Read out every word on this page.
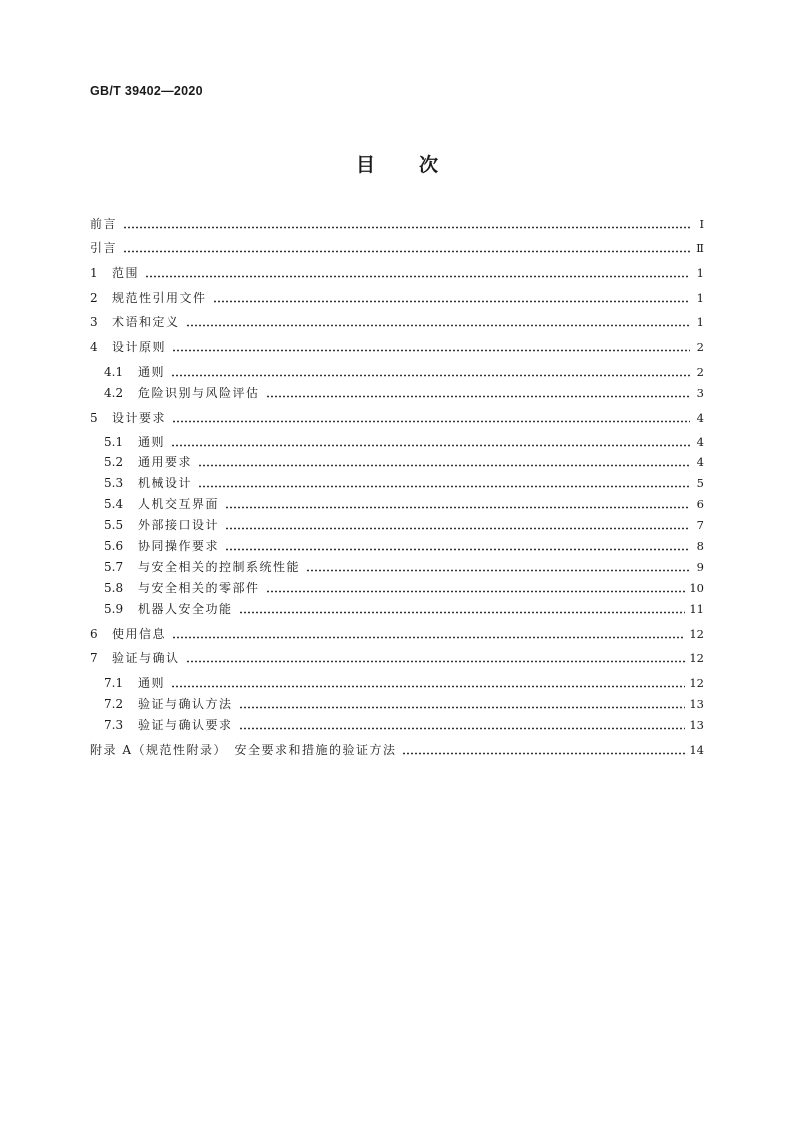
GB/T 39402—2020
目 次
前言	Ⅰ
引言	Ⅱ
1	范围	1
2	规范性引用文件	1
3	术语和定义	1
4	设计原则	2
4.1	通则	2
4.2	危险识别与风险评估	3
5	设计要求	4
5.1	通则	4
5.2	通用要求	4
5.3	机械设计	5
5.4	人机交互界面	6
5.5	外部接口设计	7
5.6	协同操作要求	8
5.7	与安全相关的控制系统性能	9
5.8	与安全相关的零部件	10
5.9	机器人安全功能	11
6	使用信息	12
7	验证与确认	12
7.1	通则	12
7.2	验证与确认方法	13
7.3	验证与确认要求	13
附录 A（规范性附录）　安全要求和措施的验证方法	14
